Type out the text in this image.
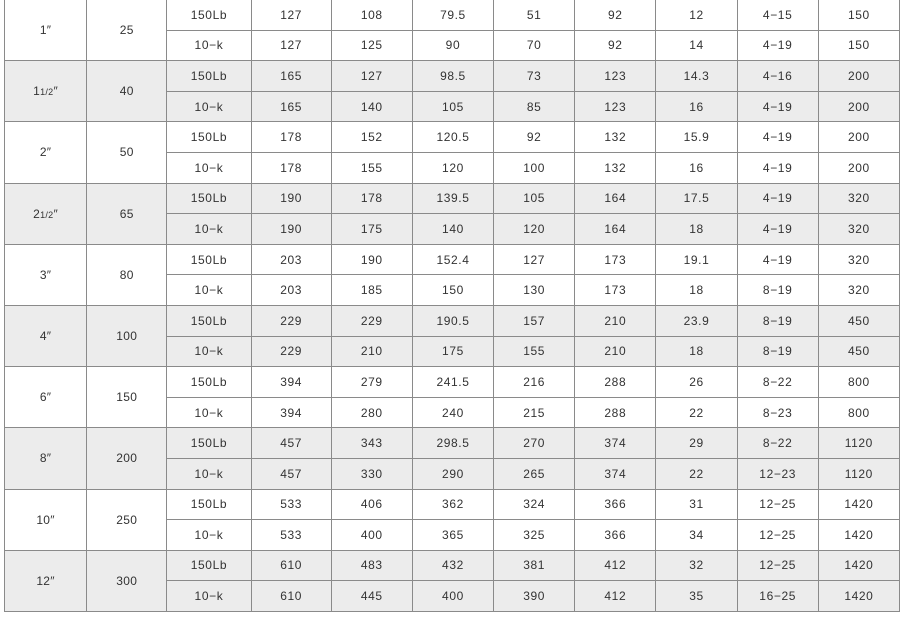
1″	25	150Lb	127	108	79.5	51	92	12	4−15	150
		10−k	127	125	90	70	92	14	4−19	150
11/2″	40	150Lb	165	127	98.5	73	123	14.3	4−16	200
		10−k	165	140	105	85	123	16	4−19	200
2″	50	150Lb	178	152	120.5	92	132	15.9	4−19	200
		10−k	178	155	120	100	132	16	4−19	200
21/2″	65	150Lb	190	178	139.5	105	164	17.5	4−19	320
		10−k	190	175	140	120	164	18	4−19	320
3″	80	150Lb	203	190	152.4	127	173	19.1	4−19	320
		10−k	203	185	150	130	173	18	8−19	320
4″	100	150Lb	229	229	190.5	157	210	23.9	8−19	450
		10−k	229	210	175	155	210	18	8−19	450
6″	150	150Lb	394	279	241.5	216	288	26	8−22	800
		10−k	394	280	240	215	288	22	8−23	800
8″	200	150Lb	457	343	298.5	270	374	29	8−22	1120
		10−k	457	330	290	265	374	22	12−23	1120
10″	250	150Lb	533	406	362	324	366	31	12−25	1420
		10−k	533	400	365	325	366	34	12−25	1420
12″	300	150Lb	610	483	432	381	412	32	12−25	1420
		10−k	610	445	400	390	412	35	16−25	1420
